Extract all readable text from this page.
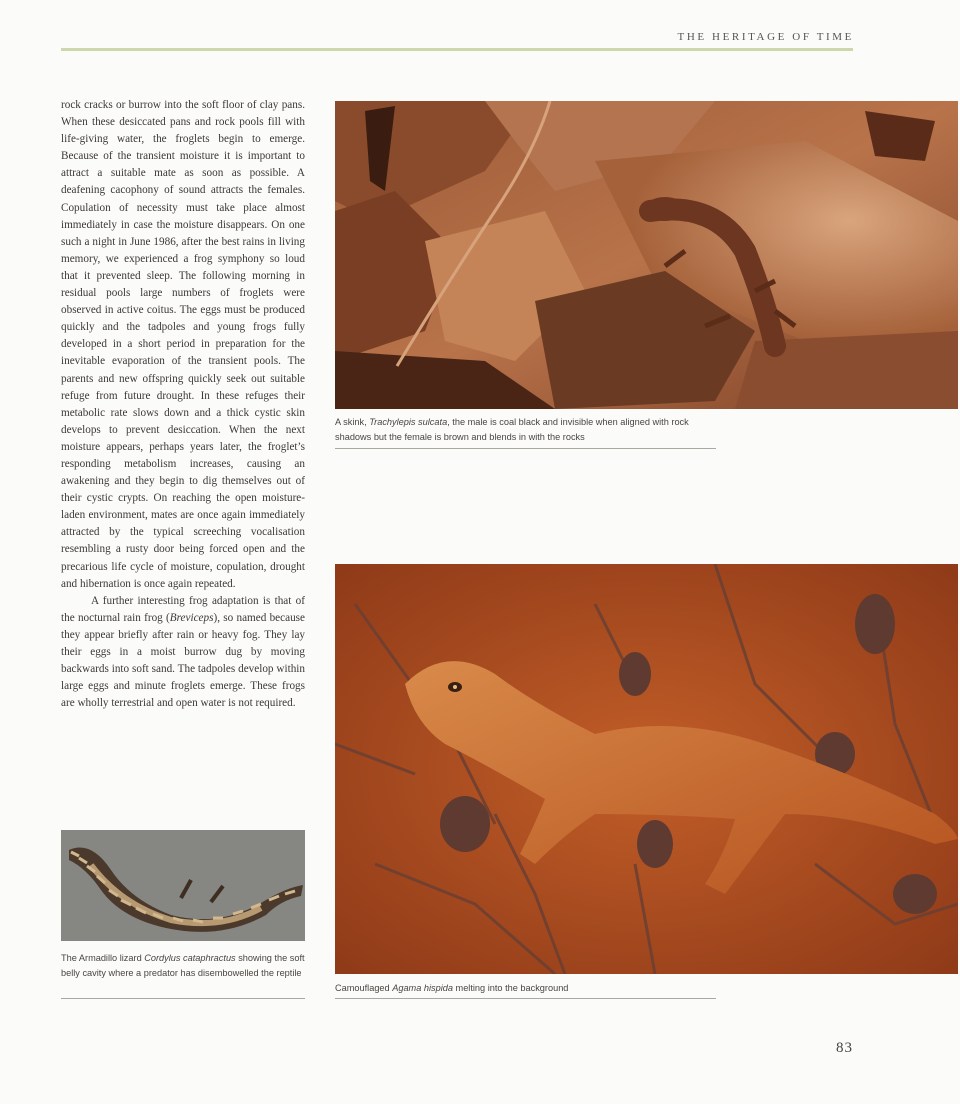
THE HERITAGE OF TIME

rock cracks or burrow into the soft floor of clay pans. When these desiccated pans and rock pools fill with life-giving water, the froglets begin to emerge. Because of the transient moisture it is important to attract a suitable mate as soon as possible. A deafening cacophony of sound attracts the females. Copulation of necessity must take place almost immediately in case the moisture disappears. On one such a night in June 1986, after the best rains in living memory, we experienced a frog symphony so loud that it prevented sleep. The following morning in residual pools large numbers of froglets were observed in active coitus. The eggs must be produced quickly and the tadpoles and young frogs fully developed in a short period in preparation for the inevitable evaporation of the transient pools. The parents and new offspring quickly seek out suitable refuge from future drought. In these refuges their metabolic rate slows down and a thick cystic skin develops to prevent desiccation. When the next moisture appears, perhaps years later, the froglet’s responding metabolism increases, causing an awakening and they begin to dig themselves out of their cystic crypts. On reaching the open moisture-laden environment, mates are once again immediately attracted by the typical screeching vocalisation resembling a rusty door being forced open and the precarious life cycle of moisture, copulation, drought and hibernation is once again repeated.

A further interesting frog adaptation is that of the nocturnal rain frog (Breviceps), so named because they appear briefly after rain or heavy fog. They lay their eggs in a moist burrow dug by moving backwards into soft sand. The tadpoles develop within large eggs and minute froglets emerge. These frogs are wholly terrestrial and open water is not required.

A skink, Trachylepis sulcata, the male is coal black and invisible when aligned with rock shadows but the female is brown and blends in with the rocks
Camouflaged Agama hispida melting into the background
The Armadillo lizard Cordylus cataphractus showing the soft belly cavity where a predator has disembowelled the reptile
83
